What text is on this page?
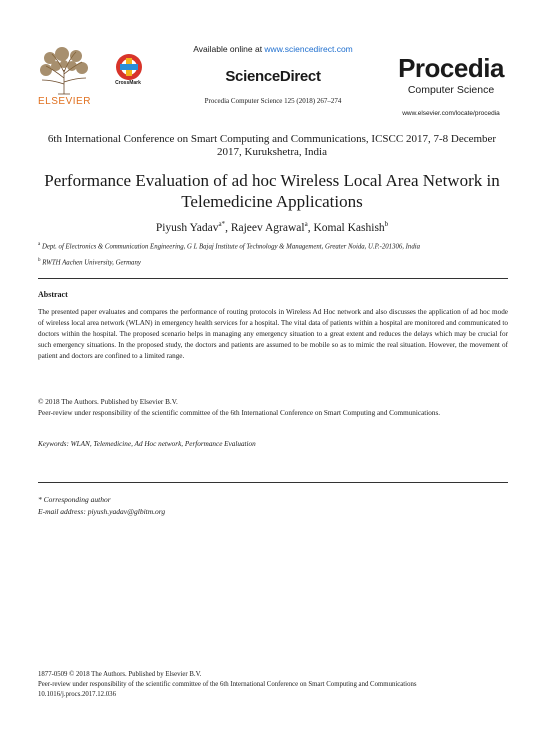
ELSEVIER
CrossMark
Available online at www.sciencedirect.com
ScienceDirect
Procedia Computer Science 125 (2018) 267–274
Procedia
Computer Science
www.elsevier.com/locate/procedia
6th International Conference on Smart Computing and Communications, ICSCC 2017, 7-8 December 2017, Kurukshetra, India
Performance Evaluation of ad hoc Wireless Local Area Network in Telemedicine Applications
Piyush Yadav$^{a*}$, Rajeev Agrawal$^a$, Komal Kashish$^b$
$^a$ Dept. of Electronics & Communication Engineering, G L Bajaj Institute of Technology & Management, Greater Noida, U.P.-201306, India
$^b$ RWTH Aachen University, Germany
Abstract
The presented paper evaluates and compares the performance of routing protocols in Wireless Ad Hoc network and also discusses the application of ad hoc mode of wireless local area network (WLAN) in emergency health services for a hospital. The vital data of patients within a hospital are monitored and communicated to doctors within the hospital. The proposed scenario helps in managing any emergency situation to a great extent and reduces the delays which may be crucial for such emergency situations. In the proposed study, the doctors and patients are assumed to be mobile so as to mimic the real situation. However, the movement of patient and doctors are confined to a limited range.
© 2018 The Authors. Published by Elsevier B.V.
Peer-review under responsibility of the scientific committee of the 6th International Conference on Smart Computing and Communications.
Keywords: WLAN, Telemedicine, Ad Hoc network, Performance Evaluation
* Corresponding author
E-mail address: piyush.yadav@glbitm.org
1877-0509 © 2018 The Authors. Published by Elsevier B.V.
Peer-review under responsibility of the scientific committee of the 6th International Conference on Smart Computing and Communications
10.1016/j.procs.2017.12.036
